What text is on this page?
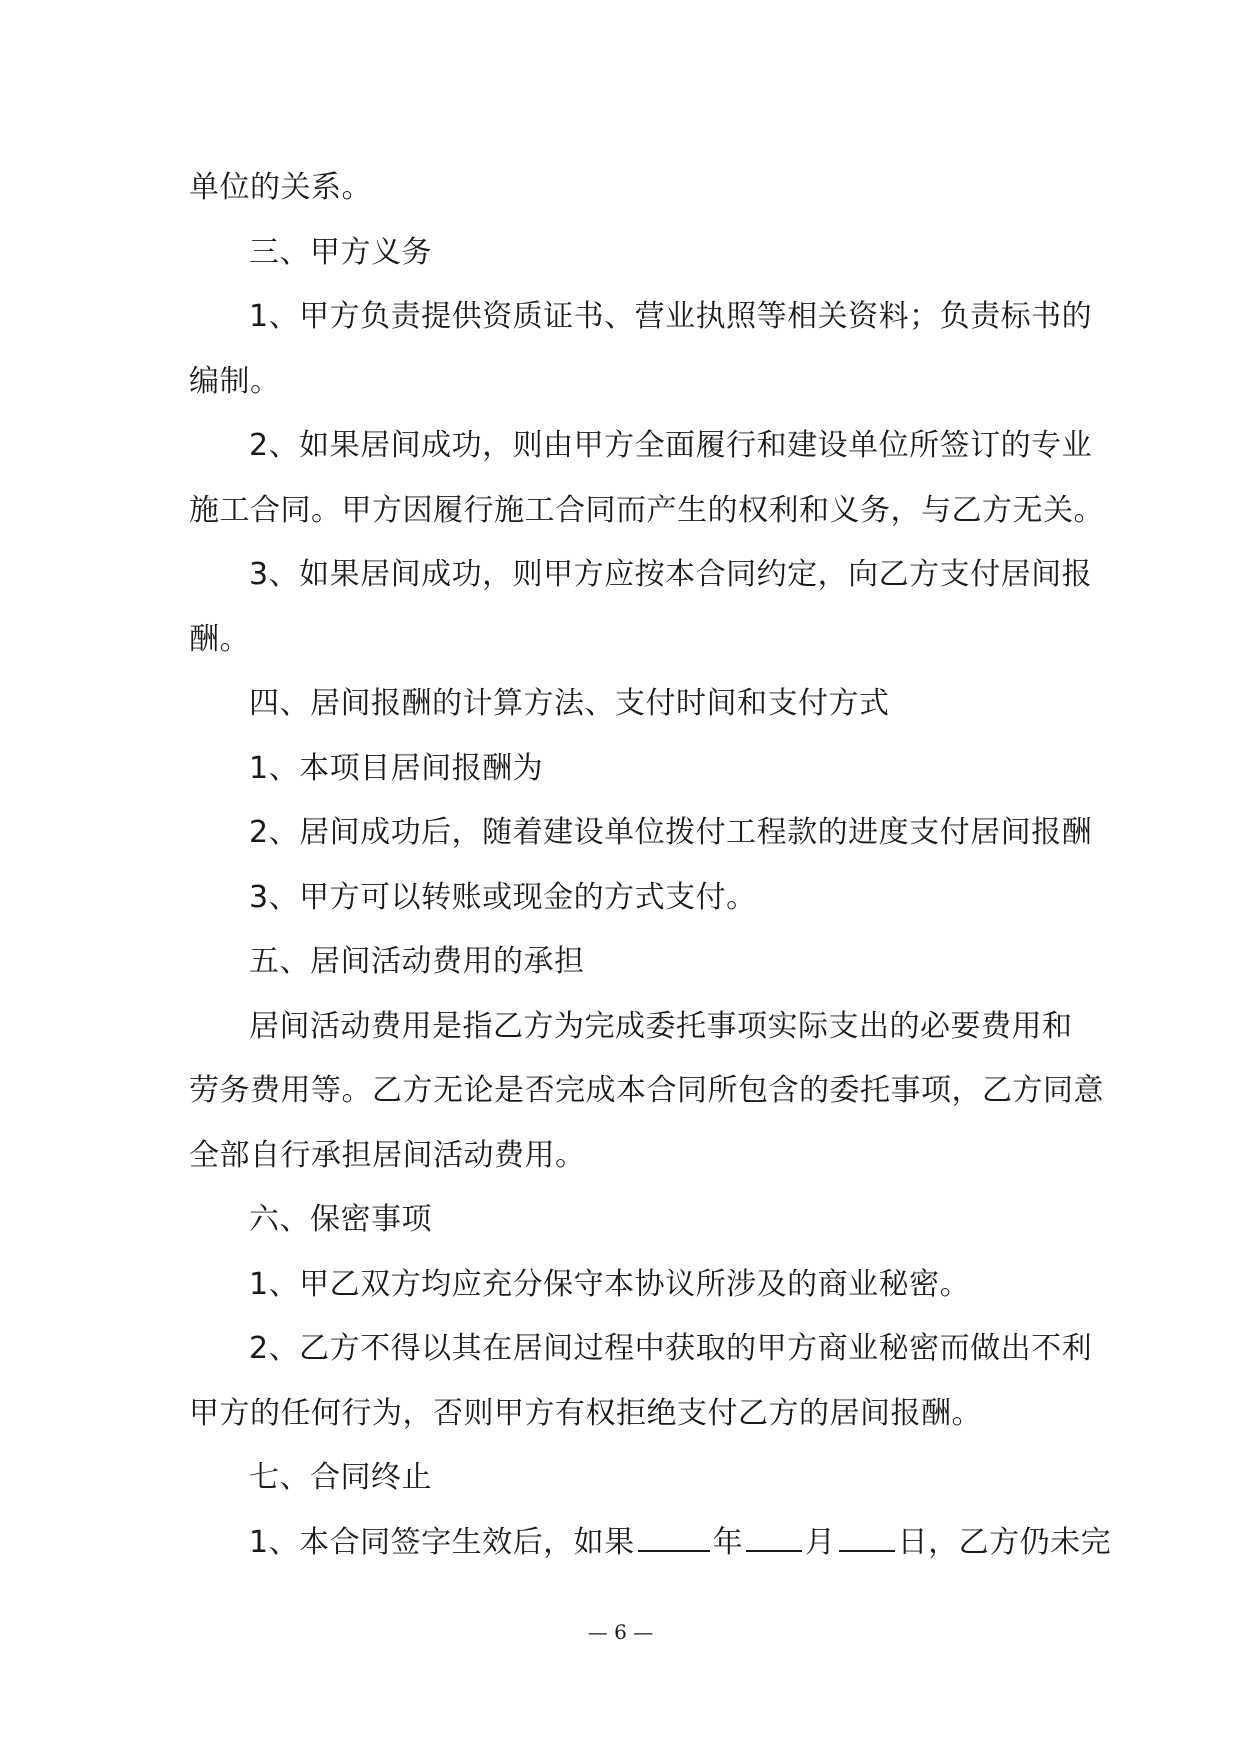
单位的关系。
三、甲方义务
1、甲方负责提供资质证书、营业执照等相关资料；负责标书的
编制。
2、如果居间成功，则由甲方全面履行和建设单位所签订的专业
施工合同。甲方因履行施工合同而产生的权利和义务，与乙方无关。
3、如果居间成功，则甲方应按本合同约定，向乙方支付居间报
酬。
四、居间报酬的计算方法、支付时间和支付方式
1、本项目居间报酬为
2、居间成功后，随着建设单位拨付工程款的进度支付居间报酬
3、甲方可以转账或现金的方式支付。
五、居间活动费用的承担
居间活动费用是指乙方为完成委托事项实际支出的必要费用和
劳务费用等。乙方无论是否完成本合同所包含的委托事项，乙方同意
全部自行承担居间活动费用。
六、保密事项
1、甲乙双方均应充分保守本协议所涉及的商业秘密。
2、乙方不得以其在居间过程中获取的甲方商业秘密而做出不利
甲方的任何行为，否则甲方有权拒绝支付乙方的居间报酬。
七、合同终止
1、本合同签字生效后，如果	年 月 日，乙方仍未完
— 6 —
